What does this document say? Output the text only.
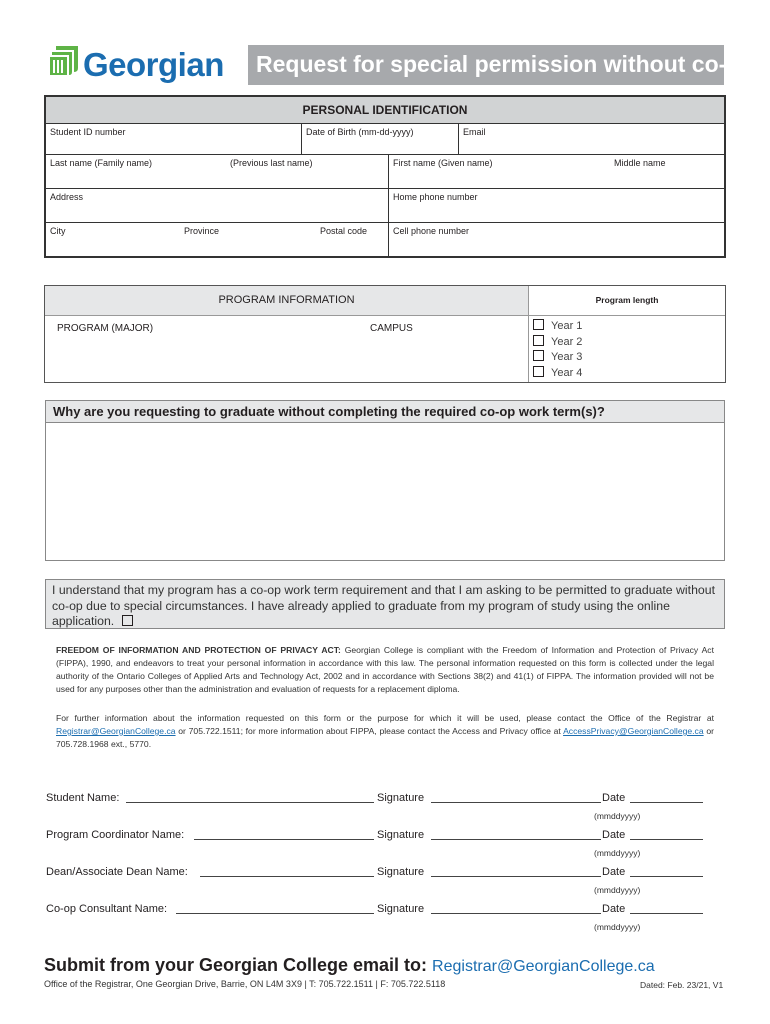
Georgian	Request for special permission without co-op
PERSONAL IDENTIFICATION
Student ID number	Date of Birth (mm-dd-yyyy)	Email
Last name (Family name)	(Previous last name)	First name (Given name)	Middle name
Address	Home phone number
City	Province	Postal code	Cell phone number
PROGRAM INFORMATION	Program length
PROGRAM (MAJOR)	CAMPUS	Year 1
Year 2
Year 3
Year 4
Why are you requesting to graduate without completing the required co-op work term(s)?
I understand that my program has a co-op work term requirement and that I am asking to be permitted to graduate without co-op due to special circumstances. I have already applied to graduate from my program of study using the online application.
FREEDOM OF INFORMATION AND PROTECTION OF PRIVACY ACT: Georgian College is compliant with the Freedom of Information and Protection of Privacy Act (FIPPA), 1990, and endeavors to treat your personal information in accordance with this law. The personal information requested on this form is collected under the legal authority of the Ontario Colleges of Applied Arts and Technology Act, 2002 and in accordance with Sections 38(2) and 41(1) of FIPPA. The information provided will not be used for any purposes other than the administration and evaluation of requests for a replacement diploma.
For further information about the information requested on this form or the purpose for which it will be used, please contact the Office of the Registrar at Registrar@GeorgianCollege.ca or 705.722.1511; for more information about FIPPA, please contact the Access and Privacy office at AccessPrivacy@GeorgianCollege.ca or 705.728.1968 ext., 5770.
Student Name:	Signature	Date
(mmddyyyy)
Program Coordinator Name:	Signature	Date
(mmddyyyy)
Dean/Associate Dean Name:	Signature	Date
(mmddyyyy)
Co-op Consultant Name:	Signature	Date
(mmddyyyy)
Submit from your Georgian College email to: Registrar@GeorgianCollege.ca
Office of the Registrar, One Georgian Drive, Barrie, ON L4M 3X9 | T: 705.722.1511 | F: 705.722.5118	Dated: Feb. 23/21, V1
